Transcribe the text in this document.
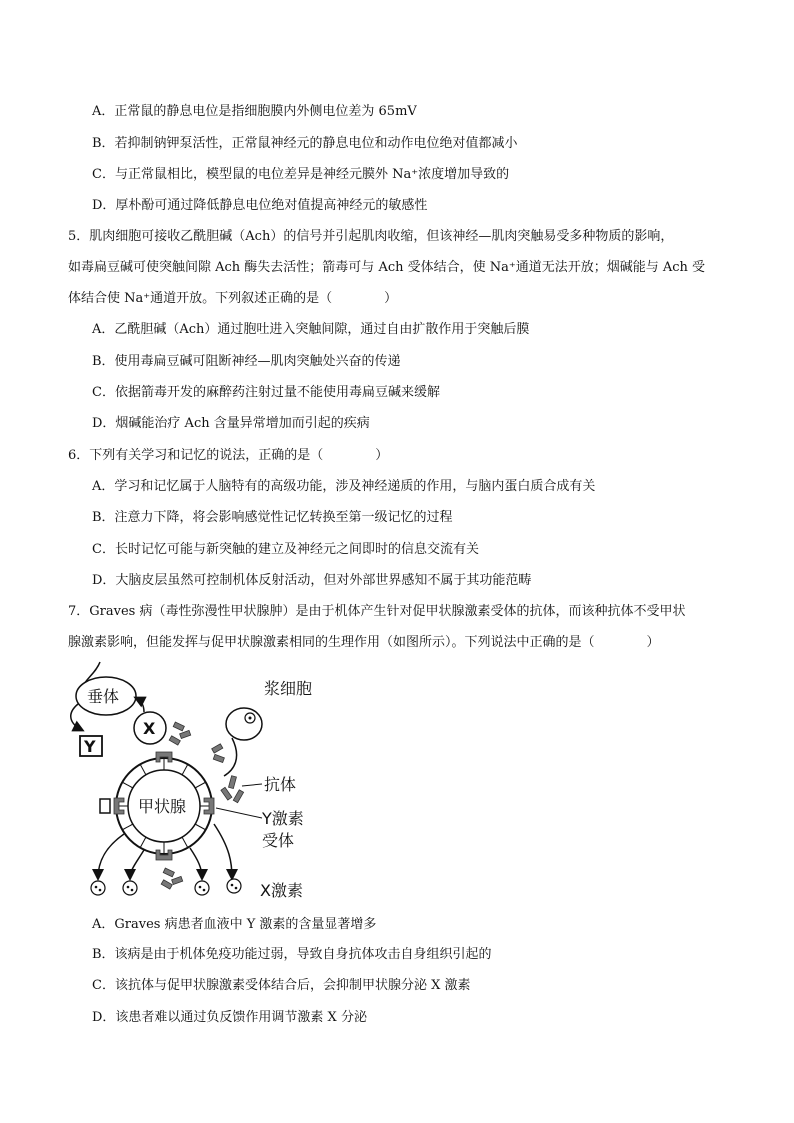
A．正常鼠的静息电位是指细胞膜内外侧电位差为 65mV
B．若抑制钠钾泵活性，正常鼠神经元的静息电位和动作电位绝对值都减小
C．与正常鼠相比，模型鼠的电位差异是神经元膜外 Na⁺浓度增加导致的
D．厚朴酚可通过降低静息电位绝对值提高神经元的敏感性
5．肌肉细胞可接收乙酰胆碱（Ach）的信号并引起肌肉收缩，但该神经—肌肉突触易受多种物质的影响，
如毒扁豆碱可使突触间隙 Ach 酶失去活性；箭毒可与 Ach 受体结合，使 Na⁺通道无法开放；烟碱能与 Ach 受
体结合使 Na⁺通道开放。下列叙述正确的是（　　　　）
A．乙酰胆碱（Ach）通过胞吐进入突触间隙，通过自由扩散作用于突触后膜
B．使用毒扁豆碱可阻断神经—肌肉突触处兴奋的传递
C．依据箭毒开发的麻醉药注射过量不能使用毒扁豆碱来缓解
D．烟碱能治疗 Ach 含量异常增加而引起的疾病
6．下列有关学习和记忆的说法，正确的是（　　　　）
A．学习和记忆属于人脑特有的高级功能，涉及神经递质的作用，与脑内蛋白质合成有关
B．注意力下降，将会影响感觉性记忆转换至第一级记忆的过程
C．长时记忆可能与新突触的建立及神经元之间即时的信息交流有关
D．大脑皮层虽然可控制机体反射活动，但对外部世界感知不属于其功能范畴
7．Graves 病（毒性弥漫性甲状腺肿）是由于机体产生针对促甲状腺激素受体的抗体，而该种抗体不受甲状
腺激素影响，但能发挥与促甲状腺激素相同的生理作用（如图所示）。下列说法中正确的是（　　　　）
垂体
Y
X
浆细胞
抗体
甲状腺
Y激素
受体
X激素
A．Graves 病患者血液中 Y 激素的含量显著增多
B．该病是由于机体免疫功能过弱，导致自身抗体攻击自身组织引起的
C．该抗体与促甲状腺激素受体结合后，会抑制甲状腺分泌 X 激素
D．该患者难以通过负反馈作用调节激素 X 分泌
